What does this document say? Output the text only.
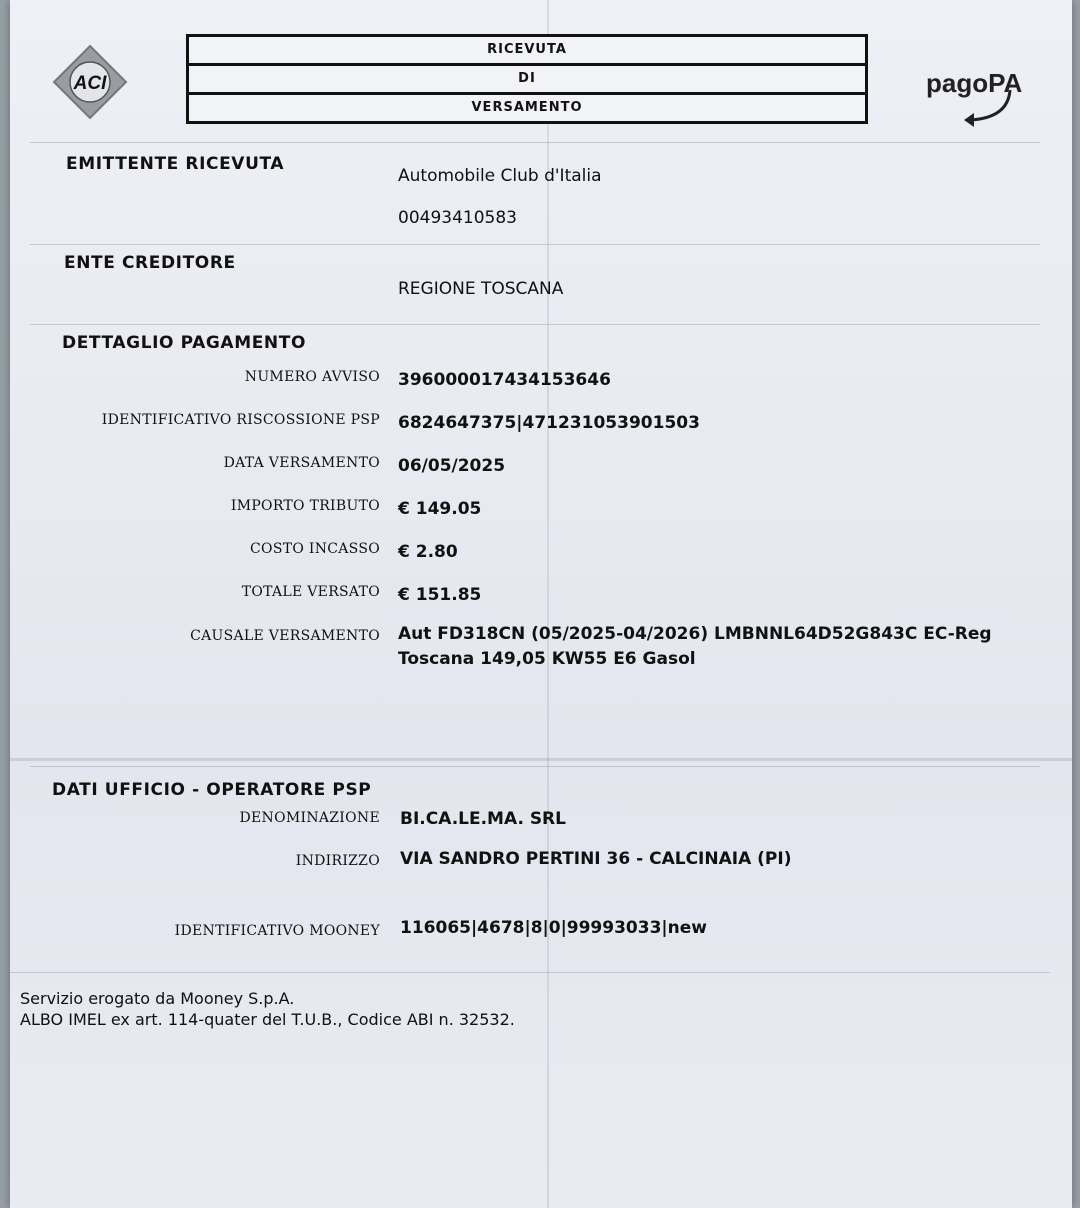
ACI
RICEVUTA
DI
VERSAMENTO
pagoPA
EMITTENTE RICEVUTA
Automobile Club d'Italia
00493410583
ENTE CREDITORE
REGIONE TOSCANA
DETTAGLIO PAGAMENTO
NUMERO AVVISO 396000017434153646
IDENTIFICATIVO RISCOSSIONE PSP 6824647375|471231053901503
DATA VERSAMENTO 06/05/2025
IMPORTO TRIBUTO € 149.05
COSTO INCASSO € 2.80
TOTALE VERSATO € 151.85
CAUSALE VERSAMENTO Aut FD318CN (05/2025-04/2026) LMBNNL64D52G843C EC-Reg Toscana 149,05 KW55 E6 Gasol
DATI UFFICIO - OPERATORE PSP
DENOMINAZIONE BI.CA.LE.MA. SRL
INDIRIZZO VIA SANDRO PERTINI 36 - CALCINAIA (PI)
IDENTIFICATIVO MOONEY 116065|4678|8|0|99993033|new
Servizio erogato da Mooney S.p.A.
ALBO IMEL ex art. 114-quater del T.U.B., Codice ABI n. 32532.
